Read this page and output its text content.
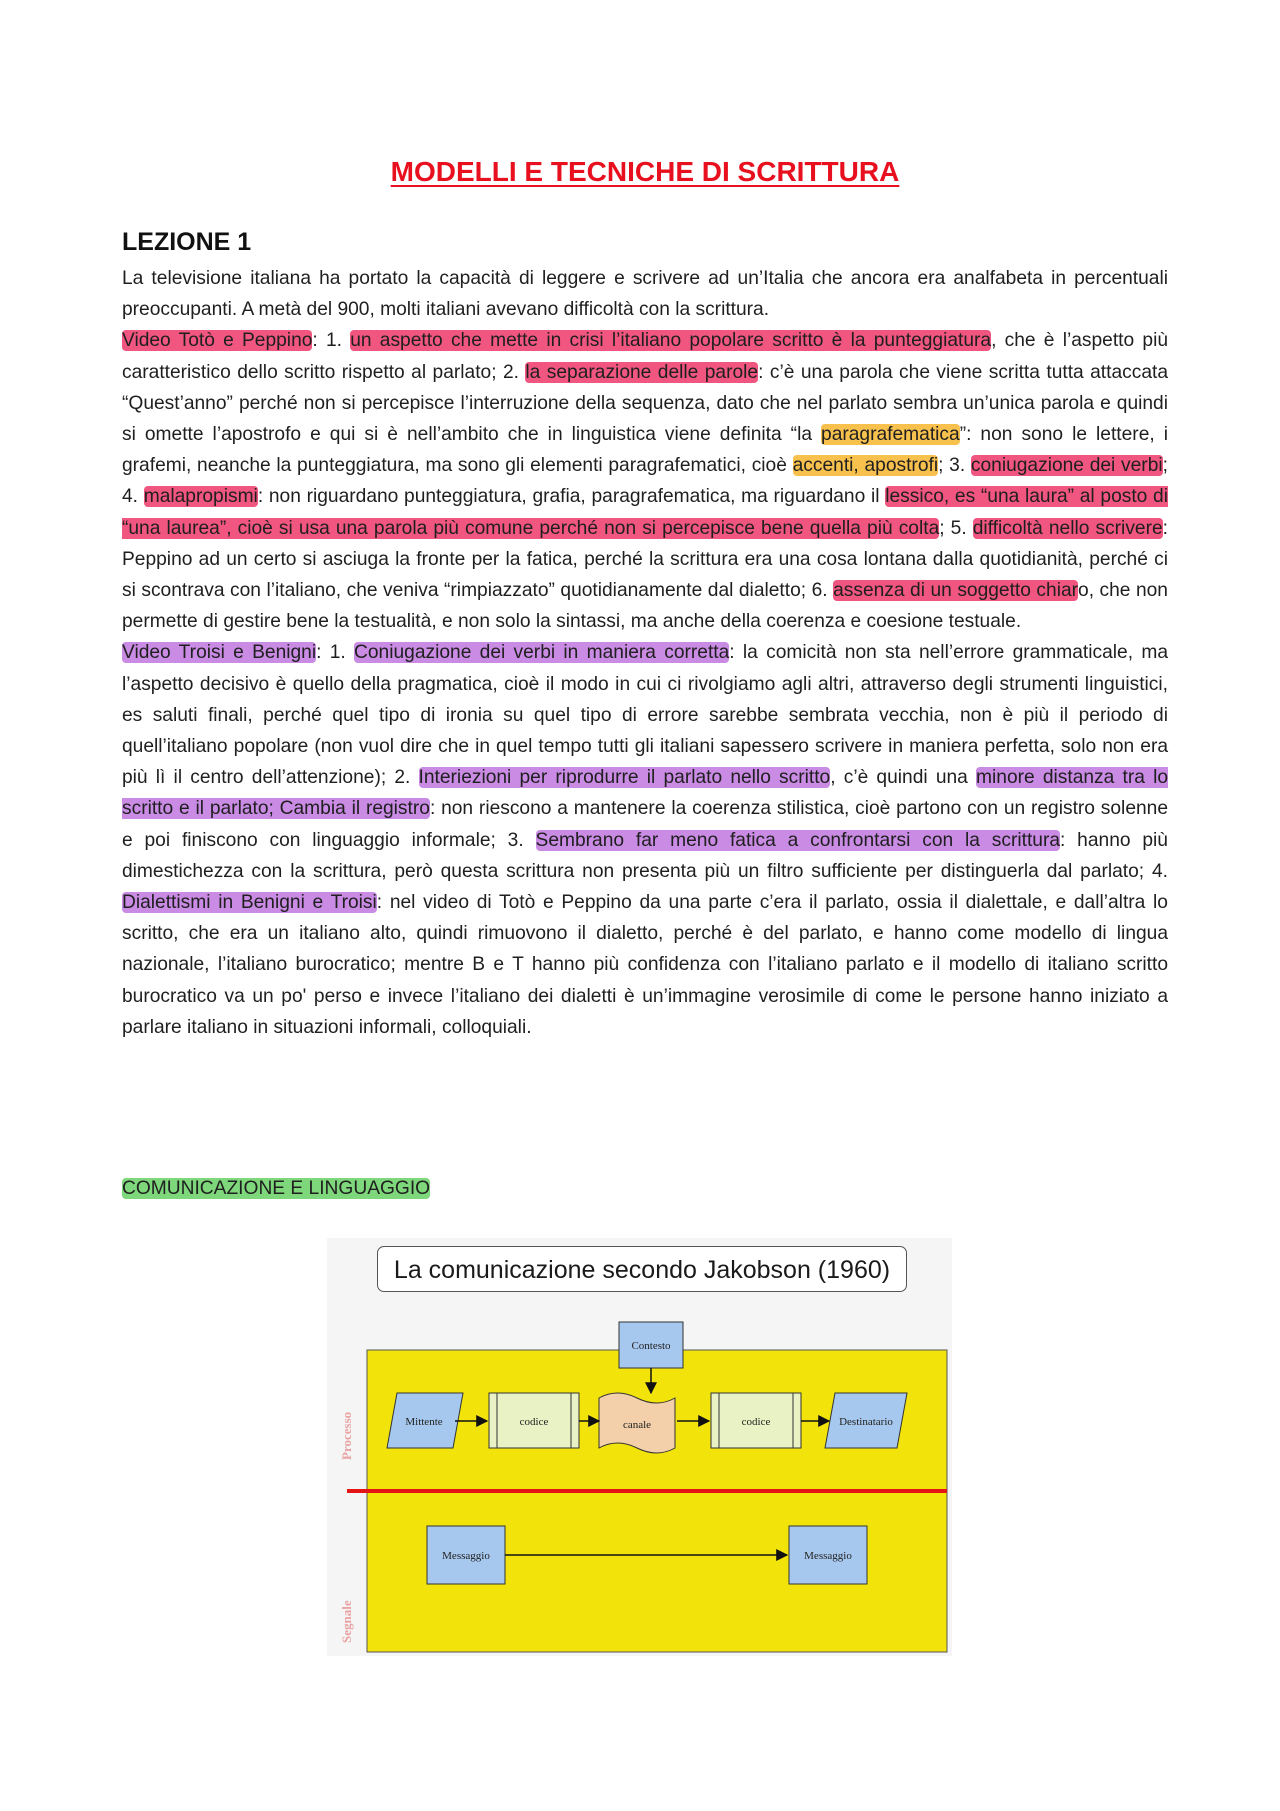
MODELLI E TECNICHE DI SCRITTURA
LEZIONE 1

La televisione italiana ha portato la capacità di leggere e scrivere ad un’Italia che ancora era analfabeta in percentuali preoccupanti. A metà del 900, molti italiani avevano difficoltà con la scrittura.

Video Totò e Peppino: 1. un aspetto che mette in crisi l’italiano popolare scritto è la punteggiatura, che è l’aspetto più caratteristico dello scritto rispetto al parlato; 2. la separazione delle parole: c’è una parola che viene scritta tutta attaccata “Quest’anno” perché non si percepisce l’interruzione della sequenza, dato che nel parlato sembra un’unica parola e quindi si omette l’apostrofo e qui si è nell’ambito che in linguistica viene definita “la paragrafematica”: non sono le lettere, i grafemi, neanche la punteggiatura, ma sono gli elementi paragrafematici, cioè accenti, apostrofi; 3. coniugazione dei verbi; 4. malapropismi: non riguardano punteggiatura, grafia, paragrafematica, ma riguardano il lessico, es “una laura” al posto di “una laurea”, cioè si usa una parola più comune perché non si percepisce bene quella più colta; 5. difficoltà nello scrivere: Peppino ad un certo si asciuga la fronte per la fatica, perché la scrittura era una cosa lontana dalla quotidianità, perché ci si scontrava con l’italiano, che veniva “rimpiazzato” quotidianamente dal dialetto; 6. assenza di un soggetto chiaro, che non permette di gestire bene la testualità, e non solo la sintassi, ma anche della coerenza e coesione testuale.

Video Troisi e Benigni: 1. Coniugazione dei verbi in maniera corretta: la comicità non sta nell’errore grammaticale, ma l’aspetto decisivo è quello della pragmatica, cioè il modo in cui ci rivolgiamo agli altri, attraverso degli strumenti linguistici, es saluti finali, perché quel tipo di ironia su quel tipo di errore sarebbe sembrata vecchia, non è più il periodo di quell’italiano popolare (non vuol dire che in quel tempo tutti gli italiani sapessero scrivere in maniera perfetta, solo non era più lì il centro dell’attenzione); 2. Interiezioni per riprodurre il parlato nello scritto, c’è quindi una minore distanza tra lo scritto e il parlato; Cambia il registro: non riescono a mantenere la coerenza stilistica, cioè partono con un registro solenne e poi finiscono con linguaggio informale; 3. Sembrano far meno fatica a confrontarsi con la scrittura: hanno più dimestichezza con la scrittura, però questa scrittura non presenta più un filtro sufficiente per distinguerla dal parlato; 4. Dialettismi in Benigni e Troisi: nel video di Totò e Peppino da una parte c’era il parlato, ossia il dialettale, e dall’altra lo scritto, che era un italiano alto, quindi rimuovono il dialetto, perché è del parlato, e hanno come modello di lingua nazionale, l’italiano burocratico; mentre B e T hanno più confidenza con l’italiano parlato e il modello di italiano scritto burocratico va un po' perso e invece l’italiano dei dialetti è un’immagine verosimile di come le persone hanno iniziato a parlare italiano in situazioni informali, colloquiali.

COMUNICAZIONE E LINGUAGGIO

Contesto
Mittente	codice	canale	codice	Destinatario
Messaggio	Messaggio
Processo
Segnale
La comunicazione secondo Jakobson (1960)
